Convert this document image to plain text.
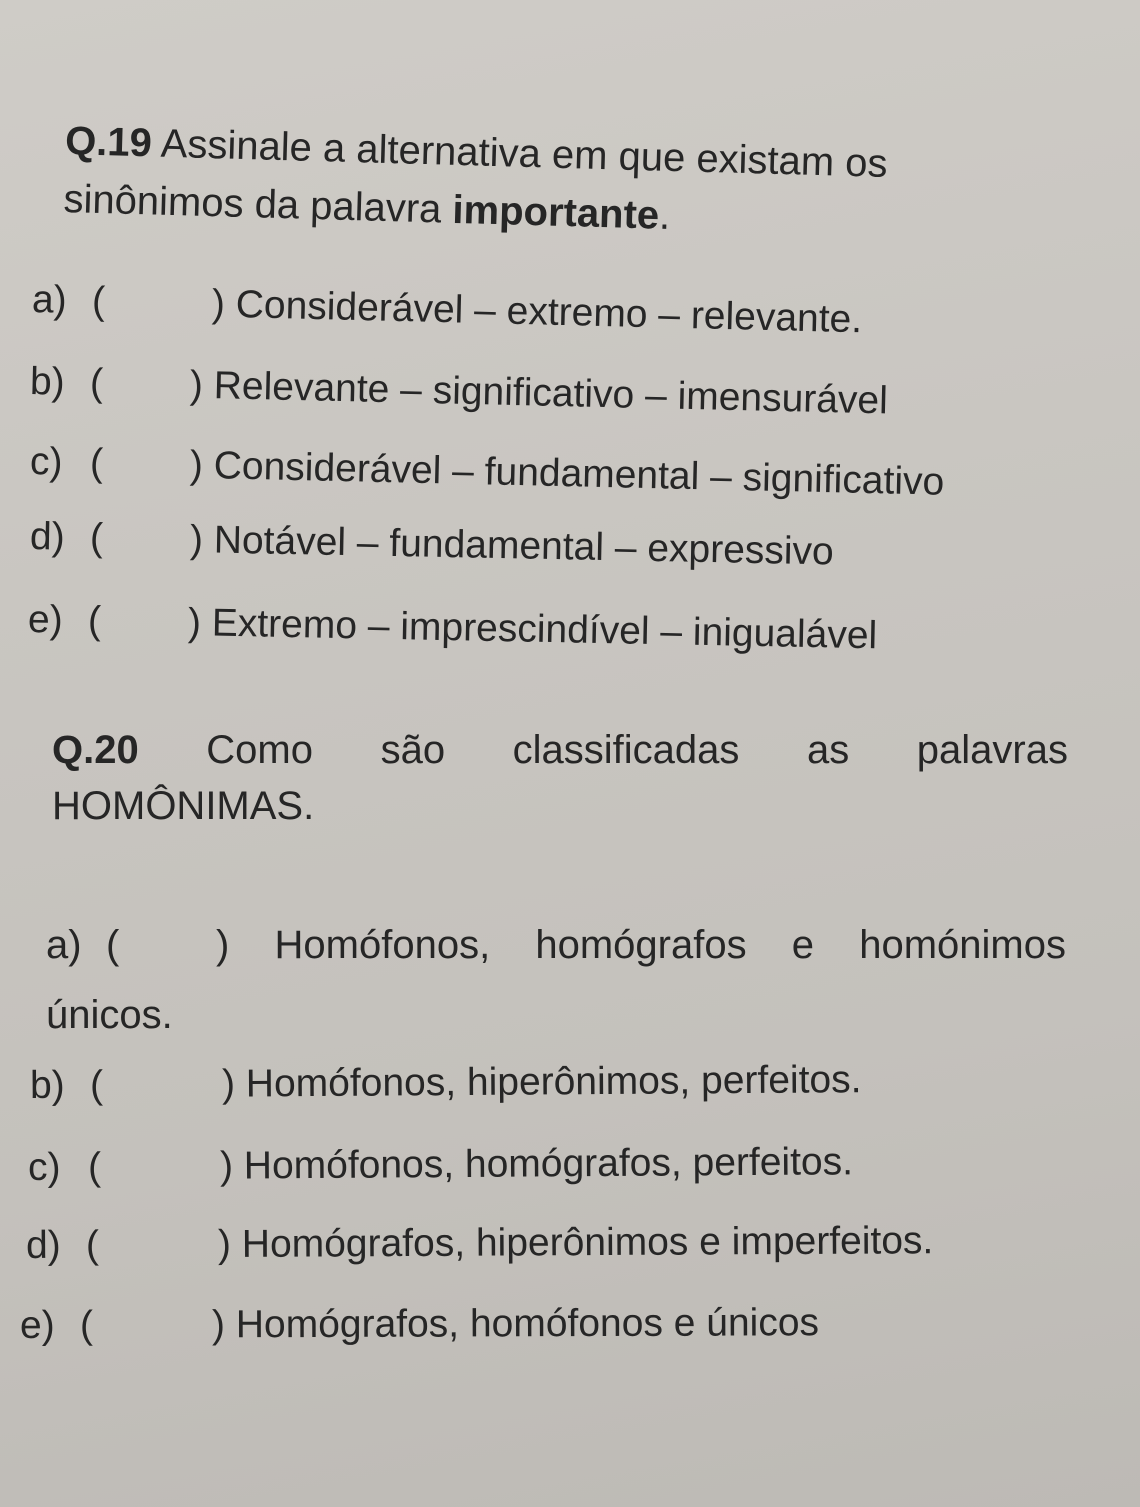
Q.19 Assinale a alternativa em que existam os sinônimos da palavra importante.
a) (	) Considerável – extremo – relevante.
b) ( ) Relevante – significativo – imensurável
c) ( ) Considerável – fundamental – significativo
d) ( ) Notável – fundamental – expressivo
e) ( ) Extremo – imprescindível – inigualável
Q.20 Como são classificadas as palavras
HOMÔNIMAS.
a) ( ) Homófonos, homógrafos e homónimos
únicos.
b) (	) Homófonos, hiperônimos, perfeitos.
c) (	) Homófonos, homógrafos, perfeitos.
d) (	) Homógrafos, hiperônimos e imperfeitos.
e) (	) Homógrafos, homófonos e únicos
